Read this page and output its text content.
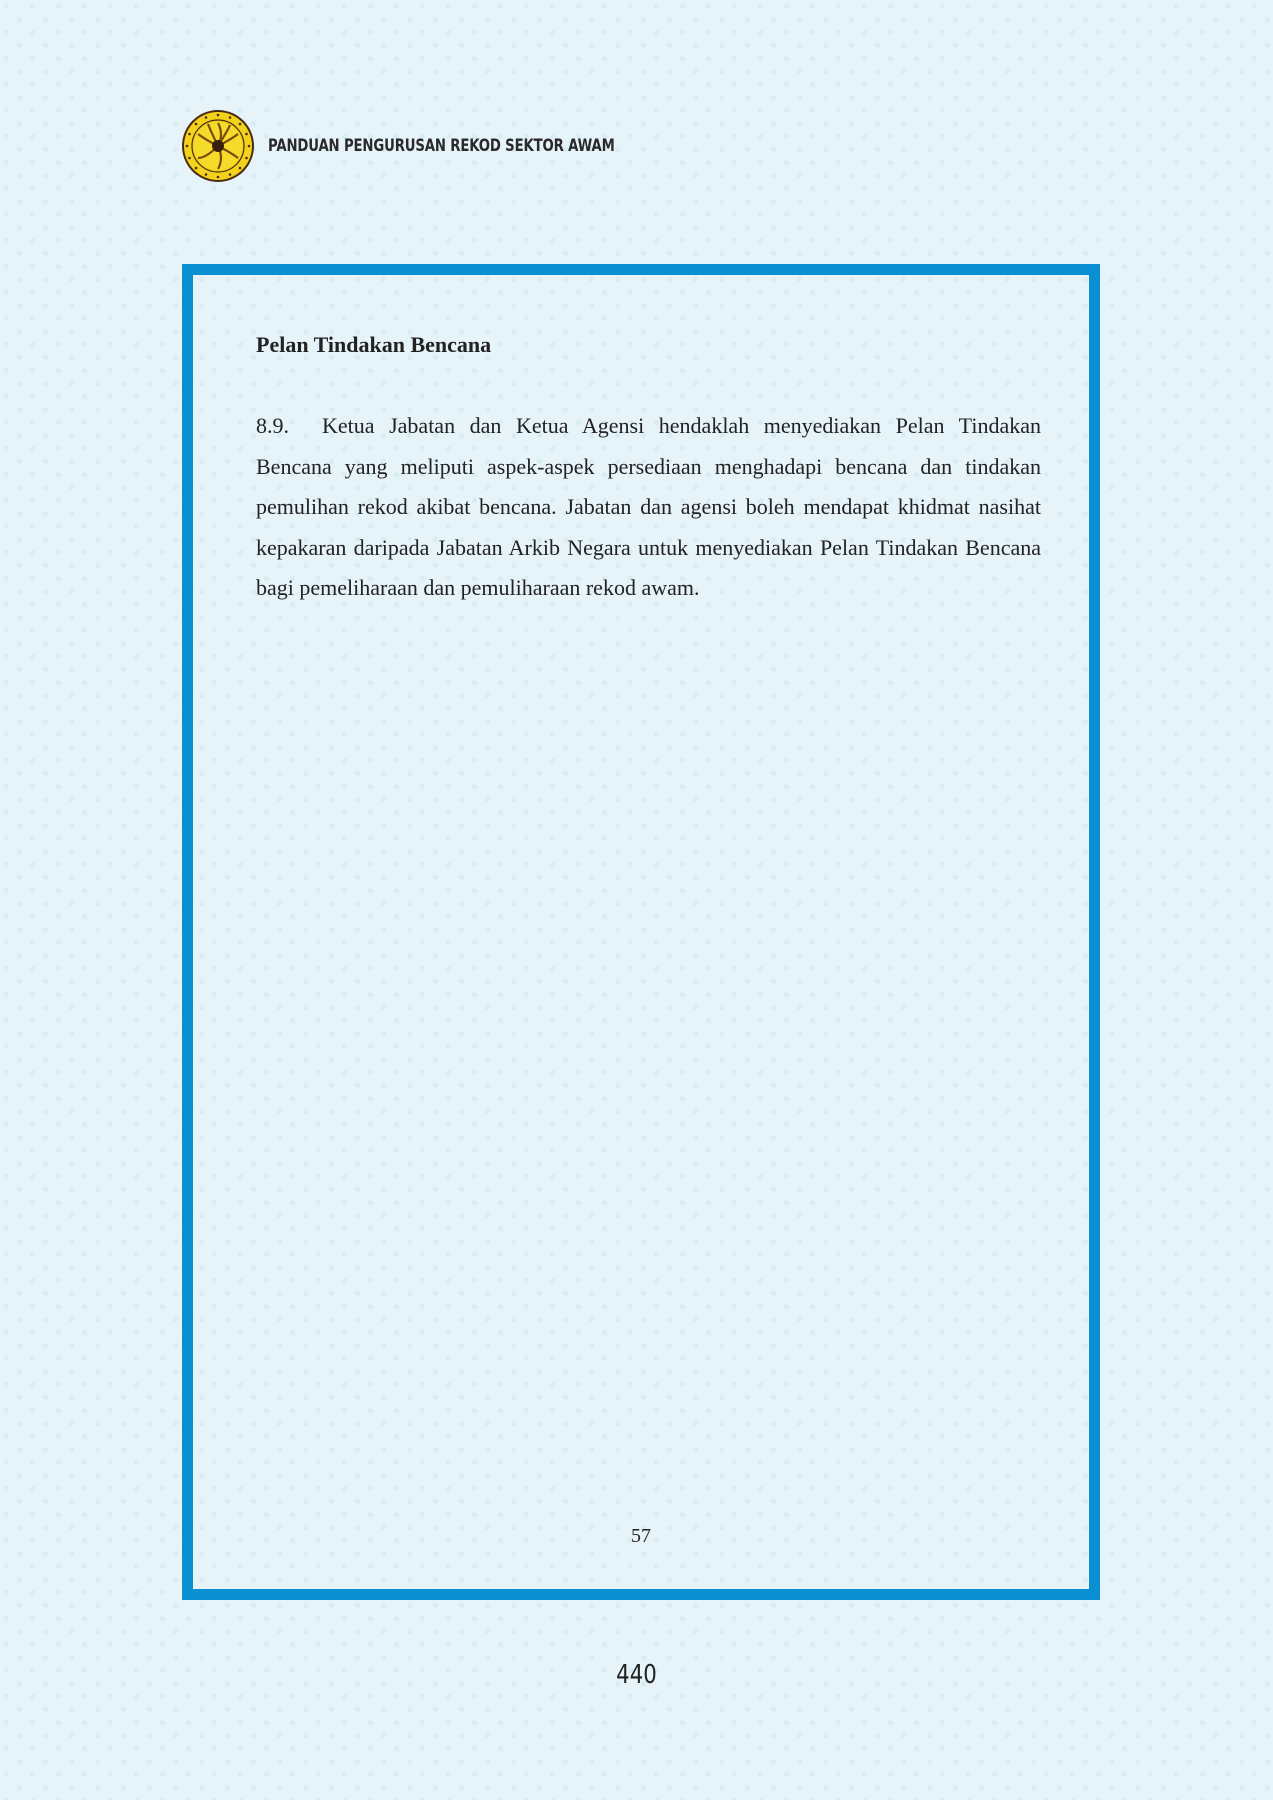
PANDUAN PENGURUSAN REKOD SEKTOR AWAM
Pelan Tindakan Bencana

8.9. Ketua Jabatan dan Ketua Agensi hendaklah menyediakan Pelan Tindakan Bencana yang meliputi aspek-aspek persediaan menghadapi bencana dan tindakan pemulihan rekod akibat bencana. Jabatan dan agensi boleh mendapat khidmat nasihat kepakaran daripada Jabatan Arkib Negara untuk menyediakan Pelan Tindakan Bencana bagi pemeliharaan dan pemuliharaan rekod awam.

57
440
